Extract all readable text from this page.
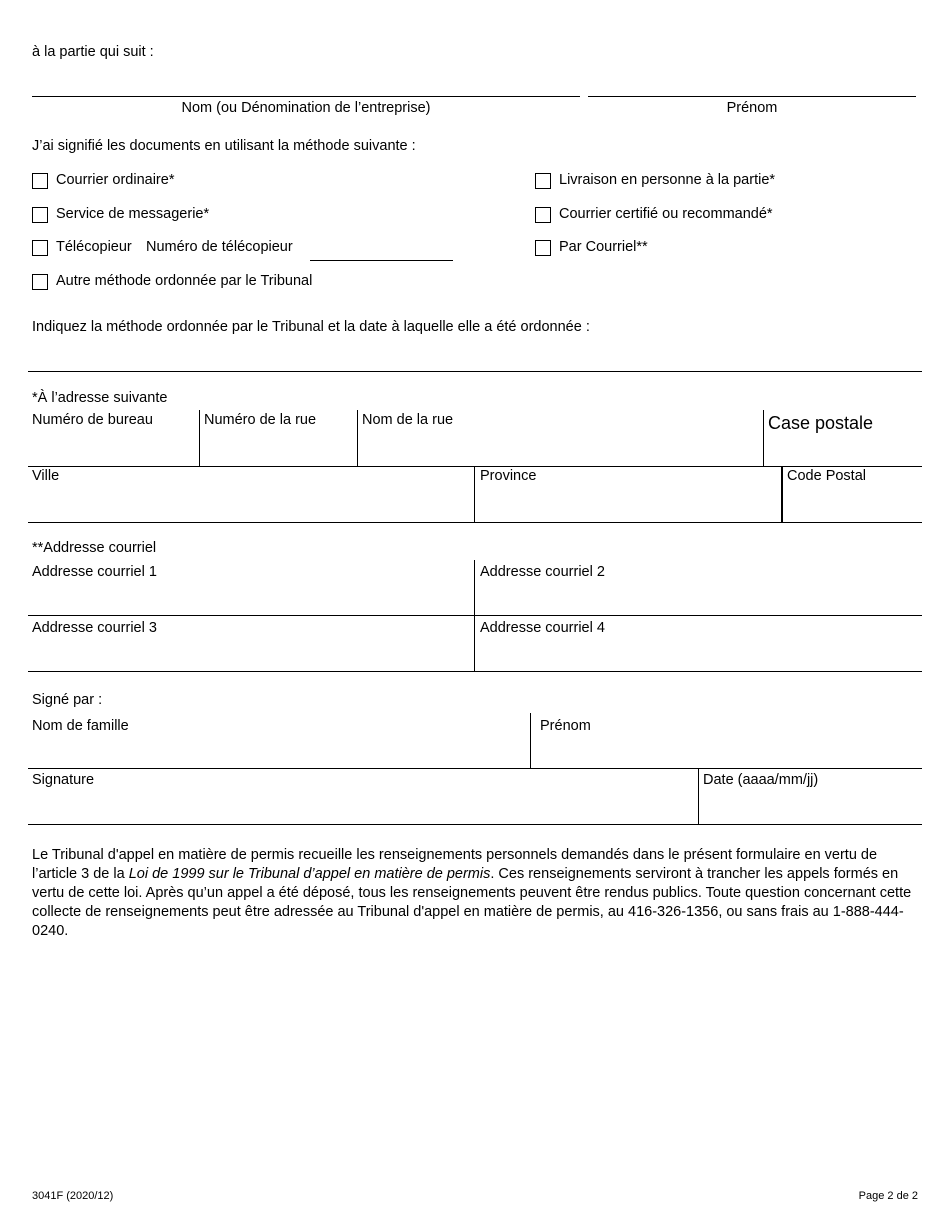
à la partie qui suit :
Nom (ou Dénomination de l’entreprise)	Prénom
J’ai signifié les documents en utilisant la méthode suivante :
Courrier ordinaire*
Service de messagerie*
Télécopieur Numéro de télécopieur
Autre méthode ordonnée par le Tribunal
Livraison en personne à la partie*
Courrier certifié ou recommandé*
Par Courriel**
Indiquez la méthode ordonnée par le Tribunal et la date à laquelle elle a été ordonnée :
*À l’adresse suivante
Numéro de bureau	Numéro de la rue	Nom de la rue	Case postale
Ville	Province	Code Postal
**Addresse courriel
Addresse courriel 1	Addresse courriel 2
Addresse courriel 3	Addresse courriel 4
Signé par :
Nom de famille	Prénom
Signature	Date (aaaa/mm/jj)
Le Tribunal d'appel en matière de permis recueille les renseignements personnels demandés dans le présent formulaire en vertu de l’article 3 de la Loi de 1999 sur le Tribunal d’appel en matière de permis. Ces renseignements serviront à trancher les appels formés en vertu de cette loi. Après qu’un appel a été déposé, tous les renseignements peuvent être rendus publics. Toute question concernant cette collecte de renseignements peut être adressée au Tribunal d'appel en matière de permis, au 416-326-1356, ou sans frais au 1-888-444-0240.
3041F (2020/12)	Page 2 de 2
